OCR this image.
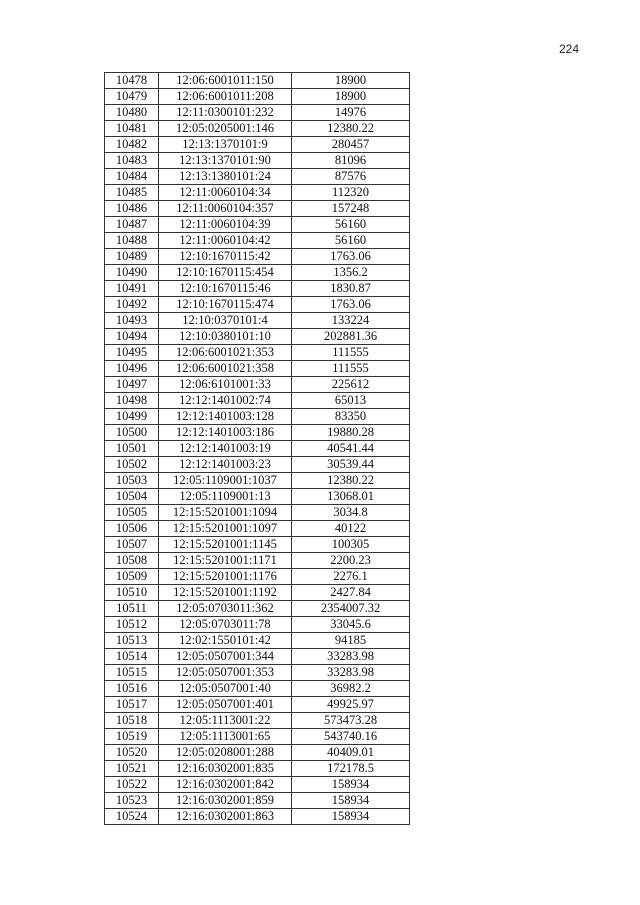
224
10478	12:06:6001011:150	18900
10479	12:06:6001011:208	18900
10480	12:11:0300101:232	14976
10481	12:05:0205001:146	12380.22
10482	12:13:1370101:9	280457
10483	12:13:1370101:90	81096
10484	12:13:1380101:24	87576
10485	12:11:0060104:34	112320
10486	12:11:0060104:357	157248
10487	12:11:0060104:39	56160
10488	12:11:0060104:42	56160
10489	12:10:1670115:42	1763.06
10490	12:10:1670115:454	1356.2
10491	12:10:1670115:46	1830.87
10492	12:10:1670115:474	1763.06
10493	12:10:0370101:4	133224
10494	12:10:0380101:10	202881.36
10495	12:06:6001021:353	111555
10496	12:06:6001021:358	111555
10497	12:06:6101001:33	225612
10498	12:12:1401002:74	65013
10499	12:12:1401003:128	83350
10500	12:12:1401003:186	19880.28
10501	12:12:1401003:19	40541.44
10502	12:12:1401003:23	30539.44
10503	12:05:1109001:1037	12380.22
10504	12:05:1109001:13	13068.01
10505	12:15:5201001:1094	3034.8
10506	12:15:5201001:1097	40122
10507	12:15:5201001:1145	100305
10508	12:15:5201001:1171	2200.23
10509	12:15:5201001:1176	2276.1
10510	12:15:5201001:1192	2427.84
10511	12:05:0703011:362	2354007.32
10512	12:05:0703011:78	33045.6
10513	12:02:1550101:42	94185
10514	12:05:0507001:344	33283.98
10515	12:05:0507001:353	33283.98
10516	12:05:0507001:40	36982.2
10517	12:05:0507001:401	49925.97
10518	12:05:1113001:22	573473.28
10519	12:05:1113001:65	543740.16
10520	12:05:0208001:288	40409.01
10521	12:16:0302001:835	172178.5
10522	12:16:0302001:842	158934
10523	12:16:0302001:859	158934
10524	12:16:0302001:863	158934
